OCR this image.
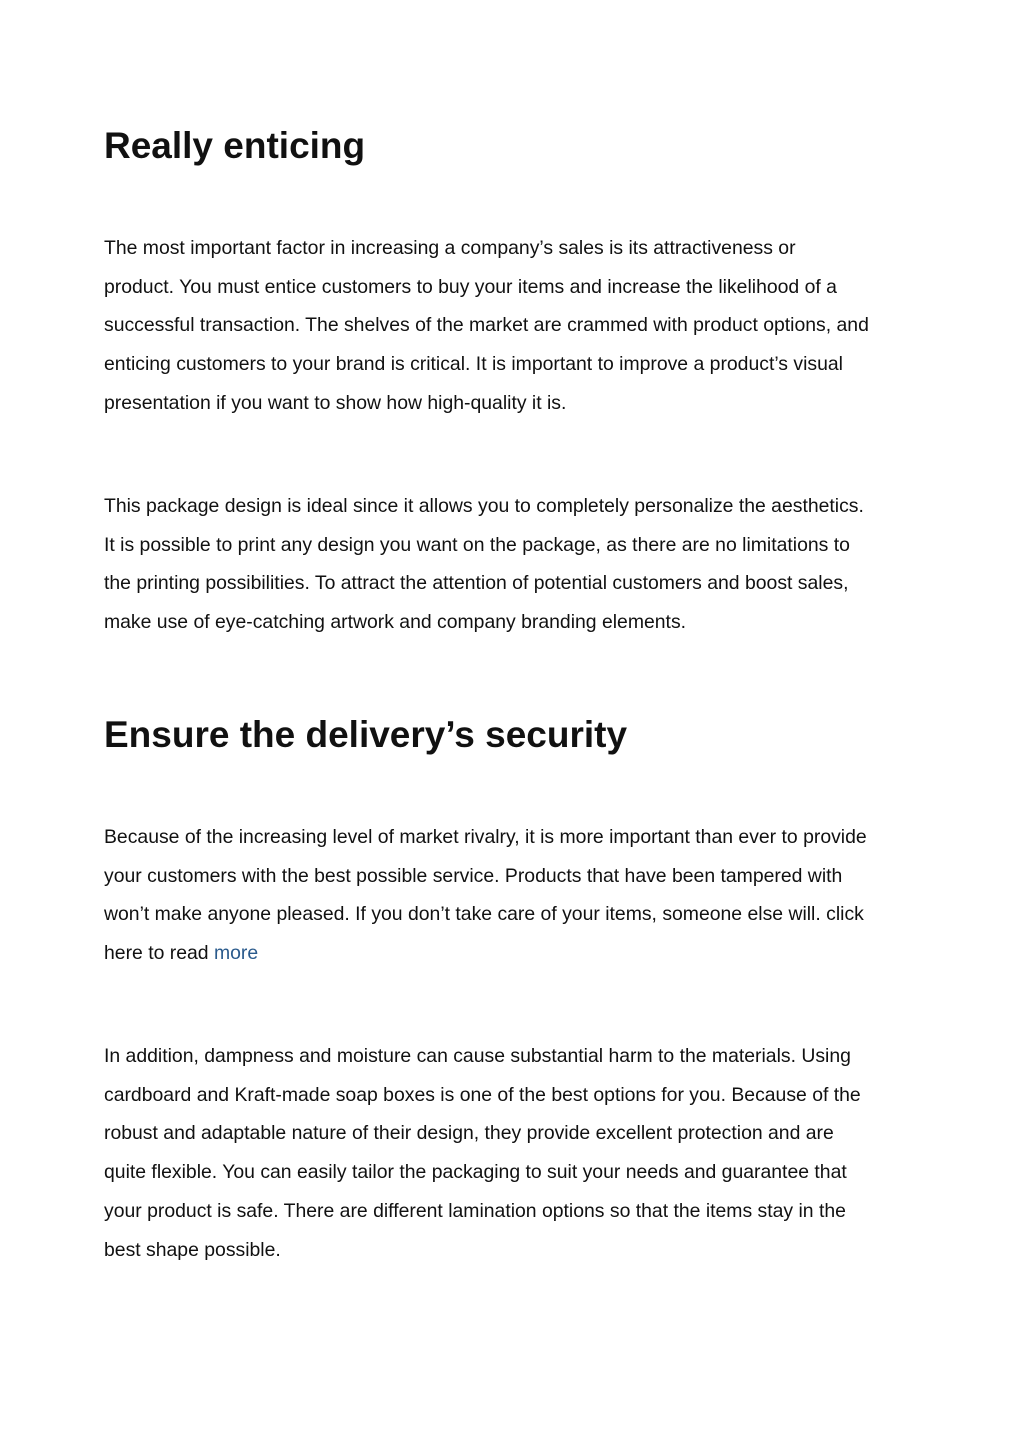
Really enticing

The most important factor in increasing a company’s sales is its attractiveness or
product. You must entice customers to buy your items and increase the likelihood of a
successful transaction. The shelves of the market are crammed with product options, and
enticing customers to your brand is critical. It is important to improve a product’s visual
presentation if you want to show how high-quality it is.

This package design is ideal since it allows you to completely personalize the aesthetics.
It is possible to print any design you want on the package, as there are no limitations to
the printing possibilities. To attract the attention of potential customers and boost sales,
make use of eye-catching artwork and company branding elements.

Ensure the delivery’s security

Because of the increasing level of market rivalry, it is more important than ever to provide
your customers with the best possible service. Products that have been tampered with
won’t make anyone pleased. If you don’t take care of your items, someone else will. click
here to read more

In addition, dampness and moisture can cause substantial harm to the materials. Using
cardboard and Kraft-made soap boxes is one of the best options for you. Because of the
robust and adaptable nature of their design, they provide excellent protection and are
quite flexible. You can easily tailor the packaging to suit your needs and guarantee that
your product is safe. There are different lamination options so that the items stay in the
best shape possible.
